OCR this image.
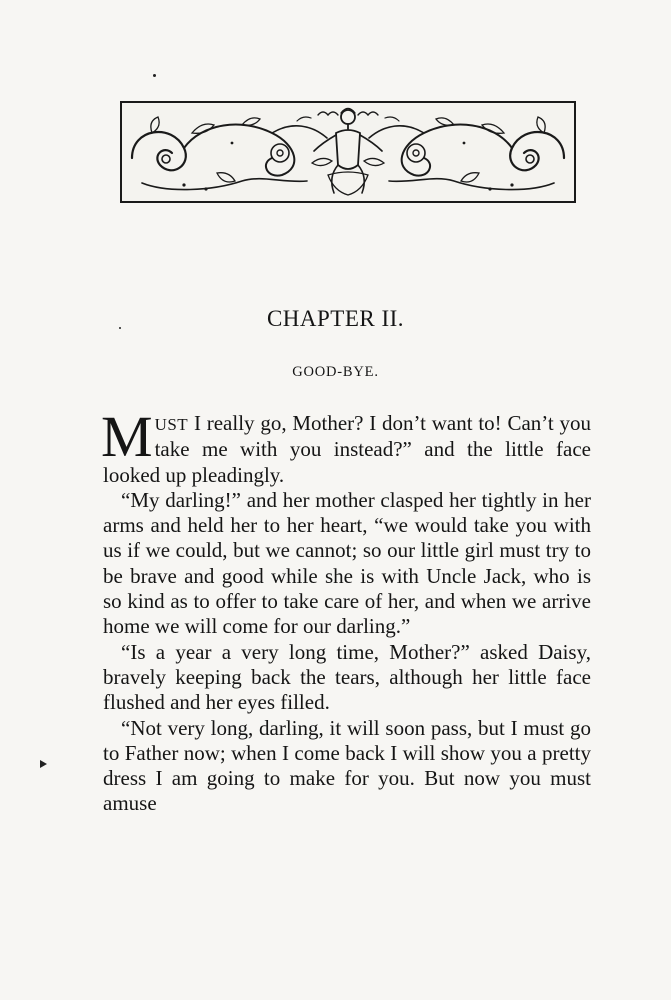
CHAPTER II.
GOOD-BYE.

MUST I really go, Mother? I don’t want to! Can’t you take me with you instead?” and the little face looked up pleadingly.

“My darling!” and her mother clasped her tightly in her arms and held her to her heart, “we would take you with us if we could, but we cannot; so our little girl must try to be brave and good while she is with Uncle Jack, who is so kind as to offer to take care of her, and when we arrive home we will come for our darling.”

“Is a year a very long time, Mother?” asked Daisy, bravely keeping back the tears, although her little face flushed and her eyes filled.

“Not very long, darling, it will soon pass, but I must go to Father now; when I come back I will show you a pretty dress I am going to make for you. But now you must amuse
